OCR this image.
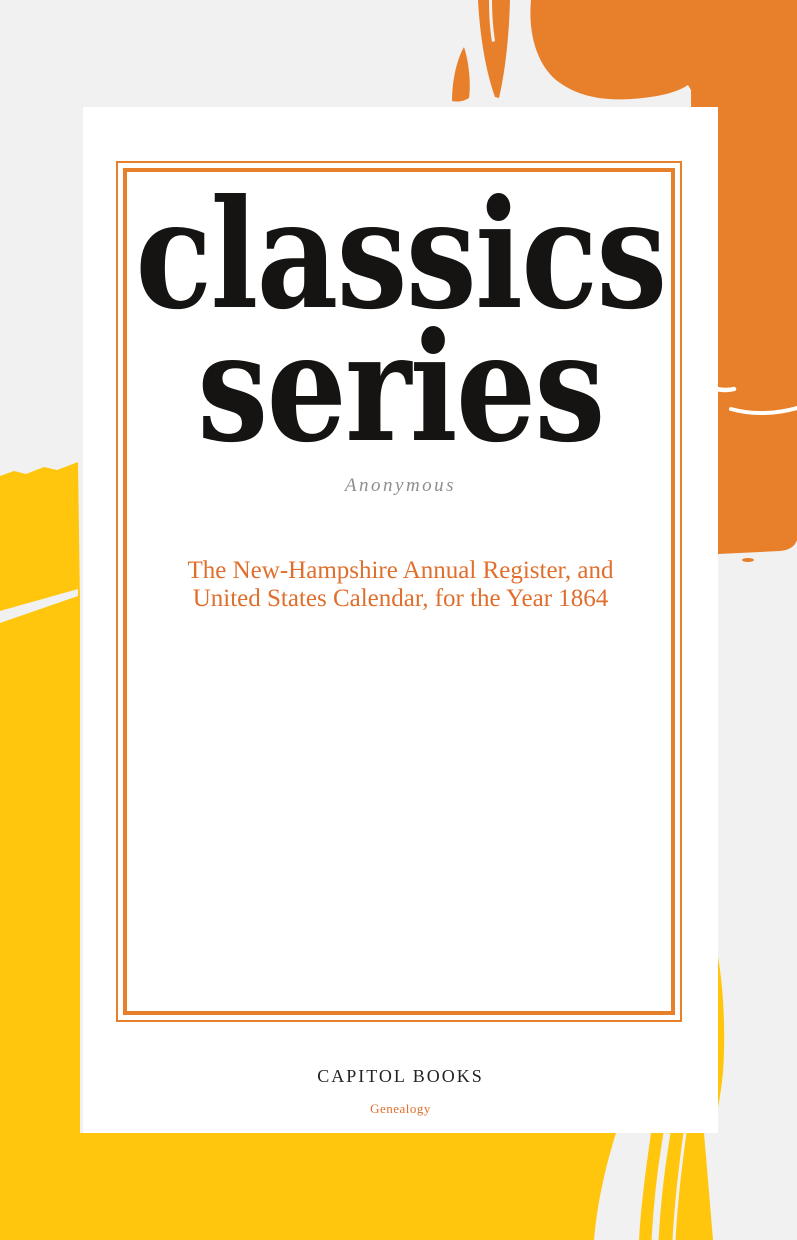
classics
series
Anonymous
The New-Hampshire Annual Register, and
United States Calendar, for the Year 1864
CAPITOL BOOKS
Genealogy
